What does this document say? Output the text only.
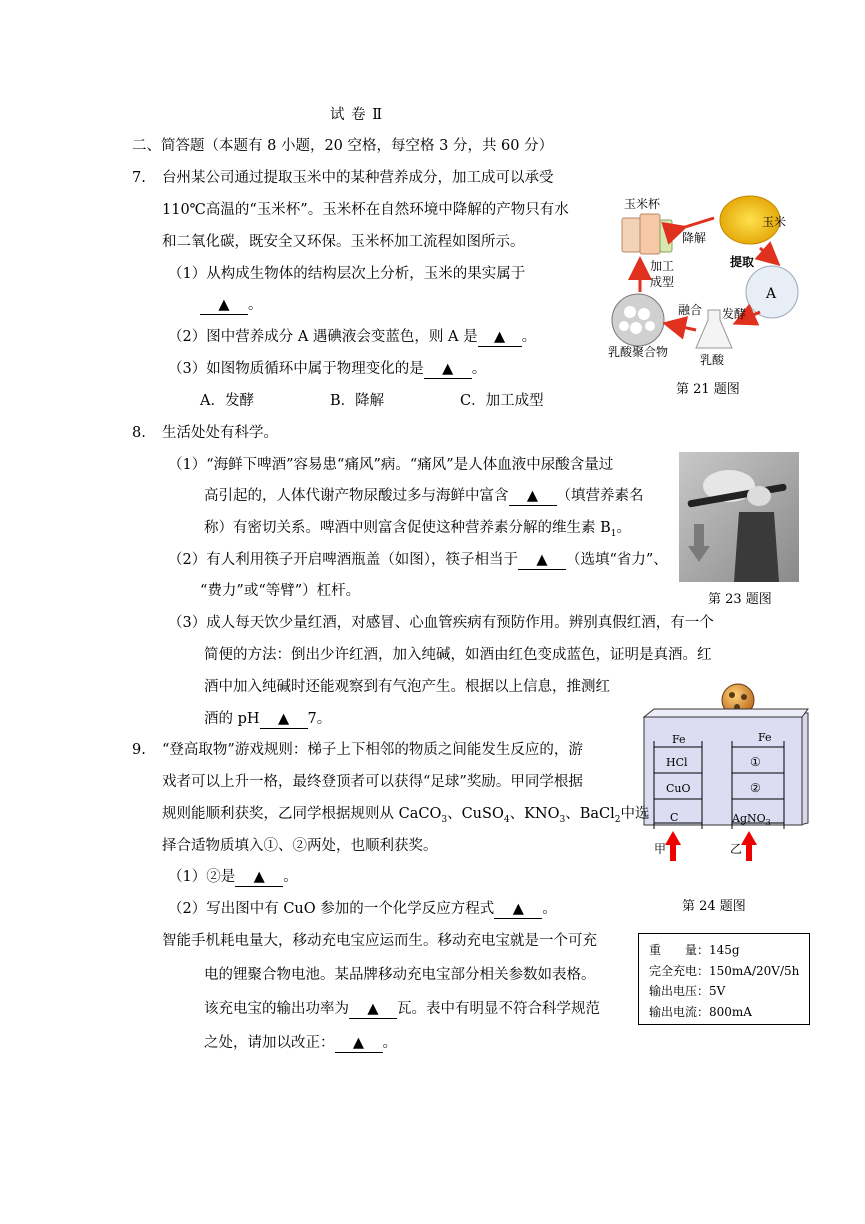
试 卷 Ⅱ
二、简答题（本题有 8 小题，20 空格，每空格 3 分，共 60 分）
7. 台州某公司通过提取玉米中的某种营养成分，加工成可以承受
110℃高温的“玉米杯”。玉米杯在自然环境中降解的产物只有水
和二氧化碳，既安全又环保。玉米杯加工流程如图所示。
（1）从构成生物体的结构层次上分析，玉米的果实属于
▲ 。
（2）图中营养成分 A 遇碘液会变蓝色，则 A 是 ▲ 。
（3）如图物质循环中属于物理变化的是 ▲ 。
A．发酵	B．降解	C．加工成型
玉米杯
玉米
降解
提取
A
加工
成型
发酵
融合
乳酸聚合物
乳酸
第 21 题图
8. 生活处处有科学。
（1）“海鲜下啤酒”容易患“痛风”病。“痛风”是人体血液中尿酸含量过
高引起的，人体代谢产物尿酸过多与海鲜中富含 ▲ （填营养素名
称）有密切关系。啤酒中则富含促使这种营养素分解的维生素 $B_1$。
（2）有人利用筷子开启啤酒瓶盖（如图），筷子相当于 ▲ （选填“省力”、
“费力”或“等臂”）杠杆。
第 23 题图
（3）成人每天饮少量红酒，对感冒、心血管疾病有预防作用。辨别真假红酒，有一个
简便的方法：倒出少许红酒，加入纯碱，如酒由红色变成蓝色，证明是真酒。红
酒中加入纯碱时还能观察到有气泡产生。根据以上信息，推测红
酒的 pH ▲ 7。
Fe
HCl
CuO
C
甲
Fe
①
②
AgNO$_3$
乙
第 24 题图
9. “登高取物”游戏规则：梯子上下相邻的物质之间能发生反应的，游
戏者可以上升一格，最终登顶者可以获得“足球”奖励。甲同学根据
规则能顺利获奖，乙同学根据规则从 CaCO$_3$、CuSO$_4$、$KNO_3$、BaCl$_2$中选
择合适物质填入①、②两处，也顺利获奖。
（1）②是 ▲ 。
（2）写出图中有 CuO 参加的一个化学反应方程式 ▲ 。
智能手机耗电量大，移动充电宝应运而生。移动充电宝就是一个可充
电的锂聚合物电池。某品牌移动充电宝部分相关参数如表格。
该充电宝的输出功率为 ▲ 瓦。表中有明显不符合科学规范
之处，请加以改正： ▲ 。
重　　量：145g
完全充电：150mA/20V/5h
输出电压：5V
输出电流：800mA
